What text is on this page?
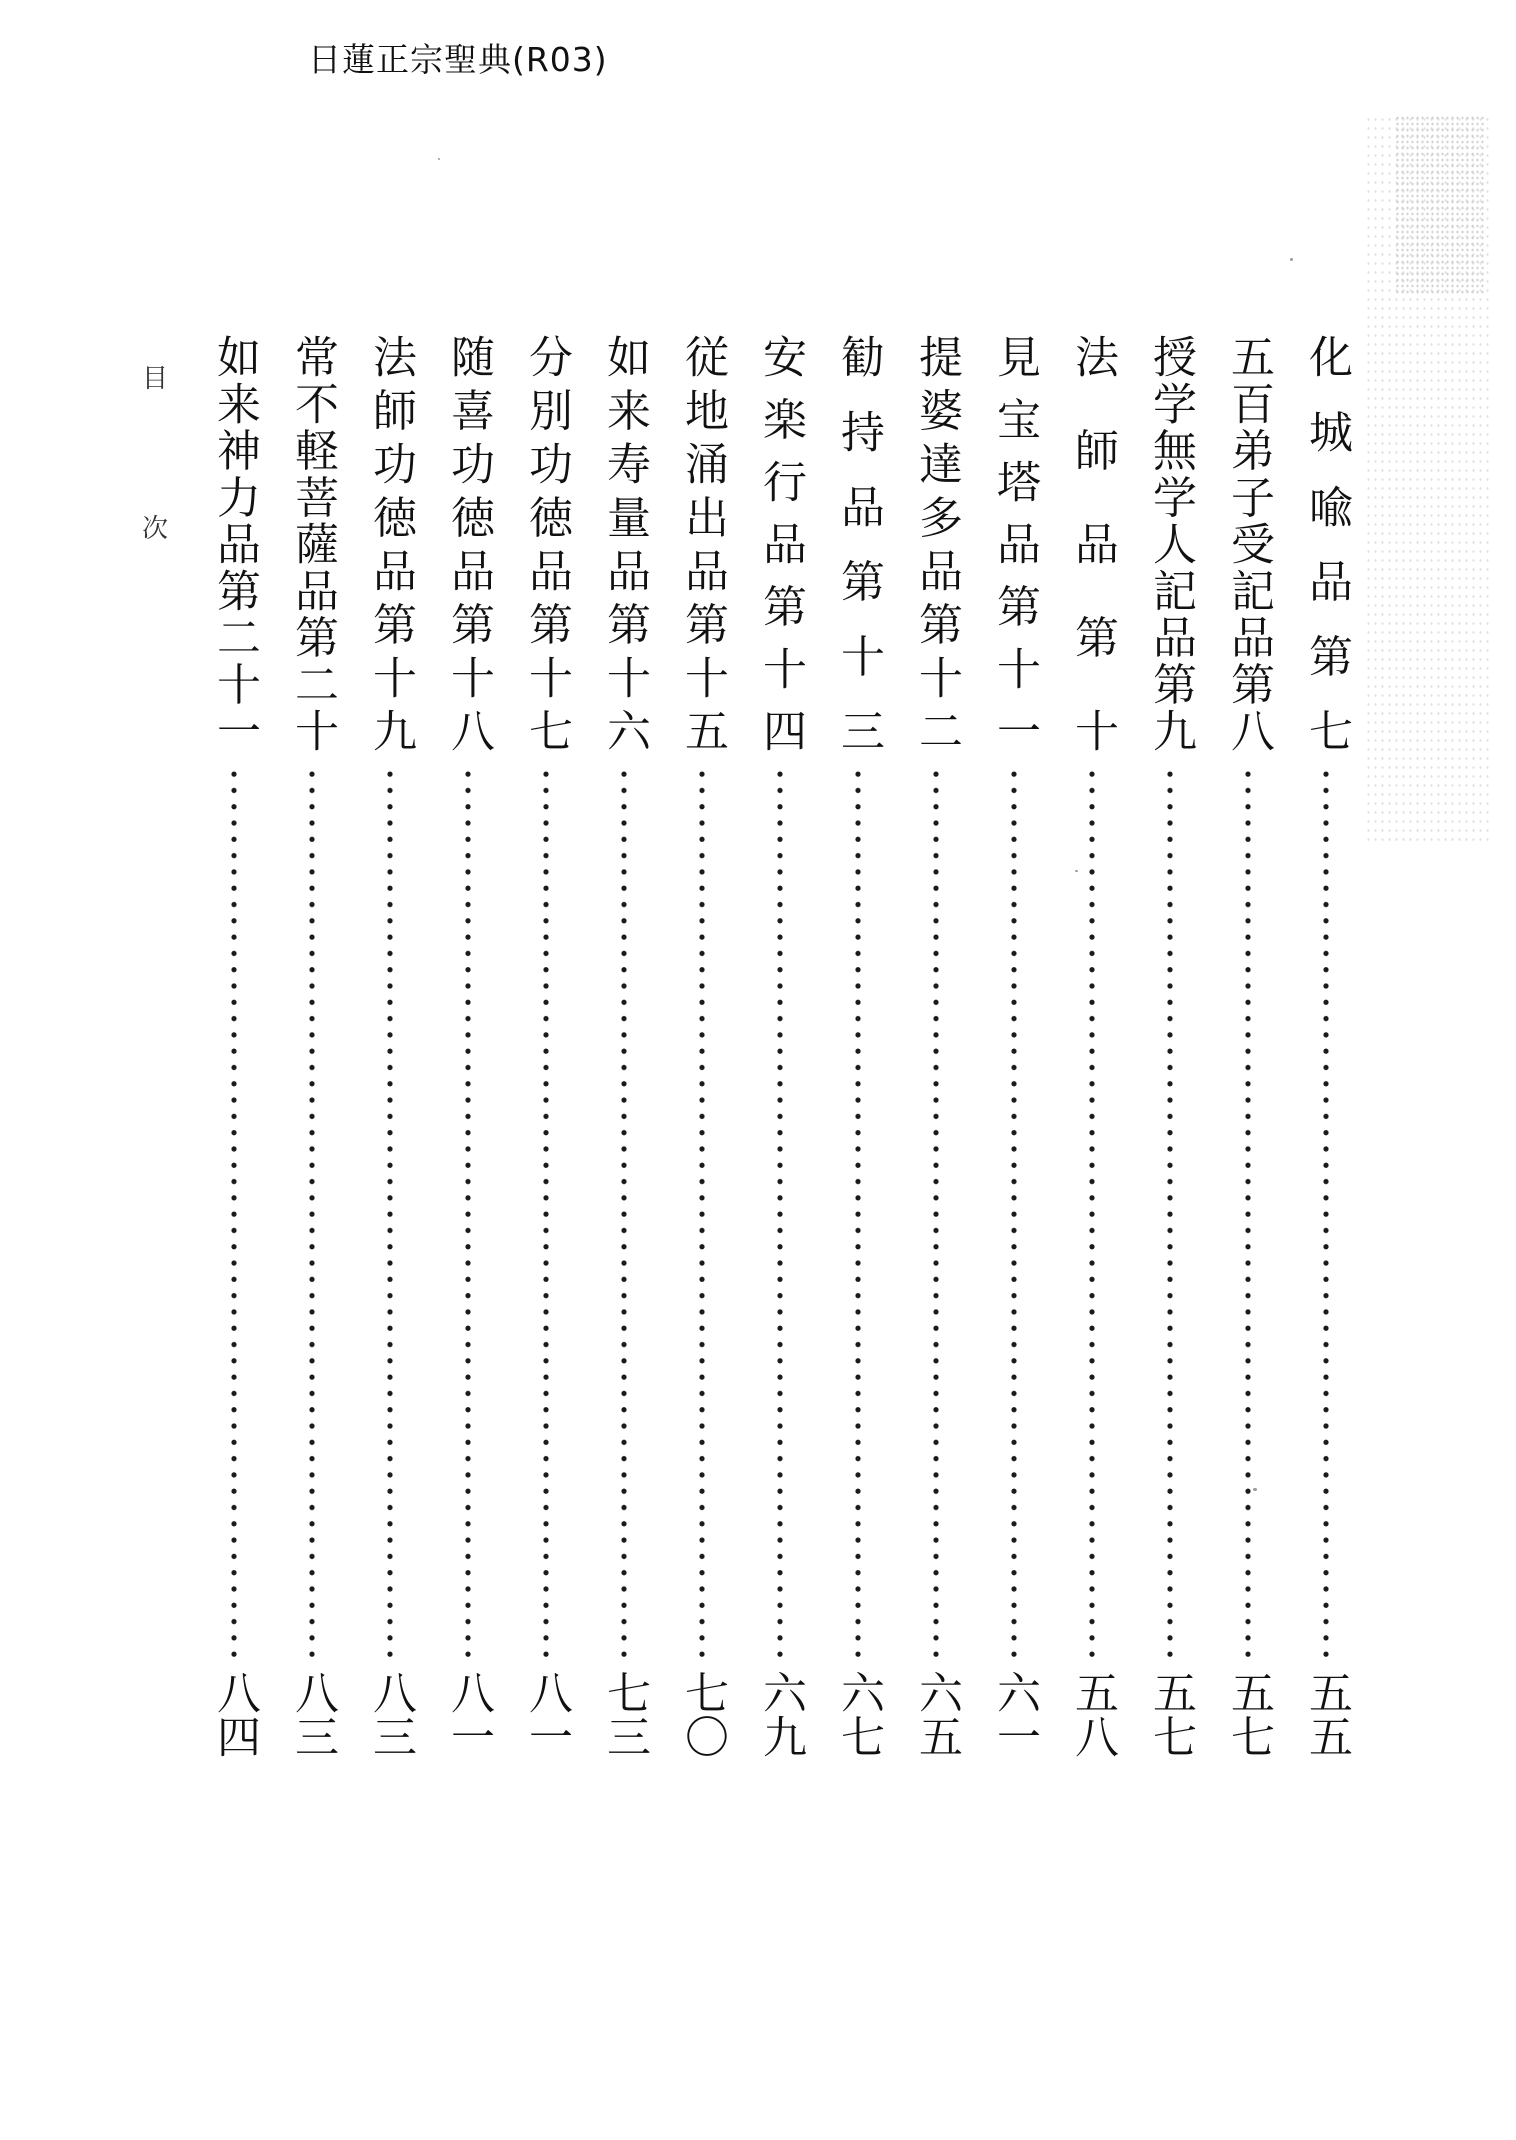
日蓮正宗聖典(R03)
目
次	化城喩品第七
五五
五百弟子受記品第八
五七
授学無学人記品第九
五七
法師品第十
五八
見宝塔品第十一
六一
提婆達多品第十二
六五
勧持品第十三
六七
安楽行品第十四
六九
従地涌出品第十五
七〇
如来寿量品第十六
七三
分別功徳品第十七
八一
随喜功徳品第十八
八一
法師功徳品第十九
八三
常不軽菩薩品第二十
八三
如来神力品第二十一
八四
